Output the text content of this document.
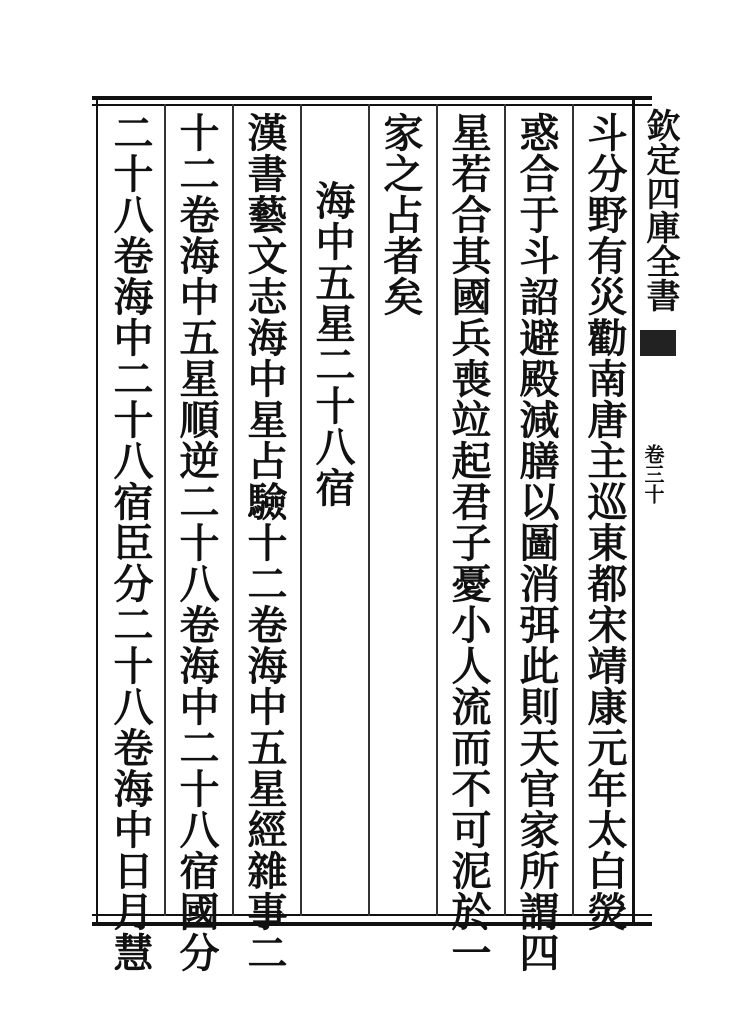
欽定四庫全書
卷三十
斗分野有災勸南唐主巡東都宋靖康元年太白熒
惑合于斗詔避殿減膳以圖消弭此則天官家所謂四
星若合其國兵喪竝起君子憂小人流而不可泥於一
家之占者矣
海中五星二十八宿
漢書藝文志海中星占驗十二卷海中五星經雜事二
十二卷海中五星順逆二十八卷海中二十八宿國分
二十八卷海中二十八宿臣分二十八卷海中日月慧
